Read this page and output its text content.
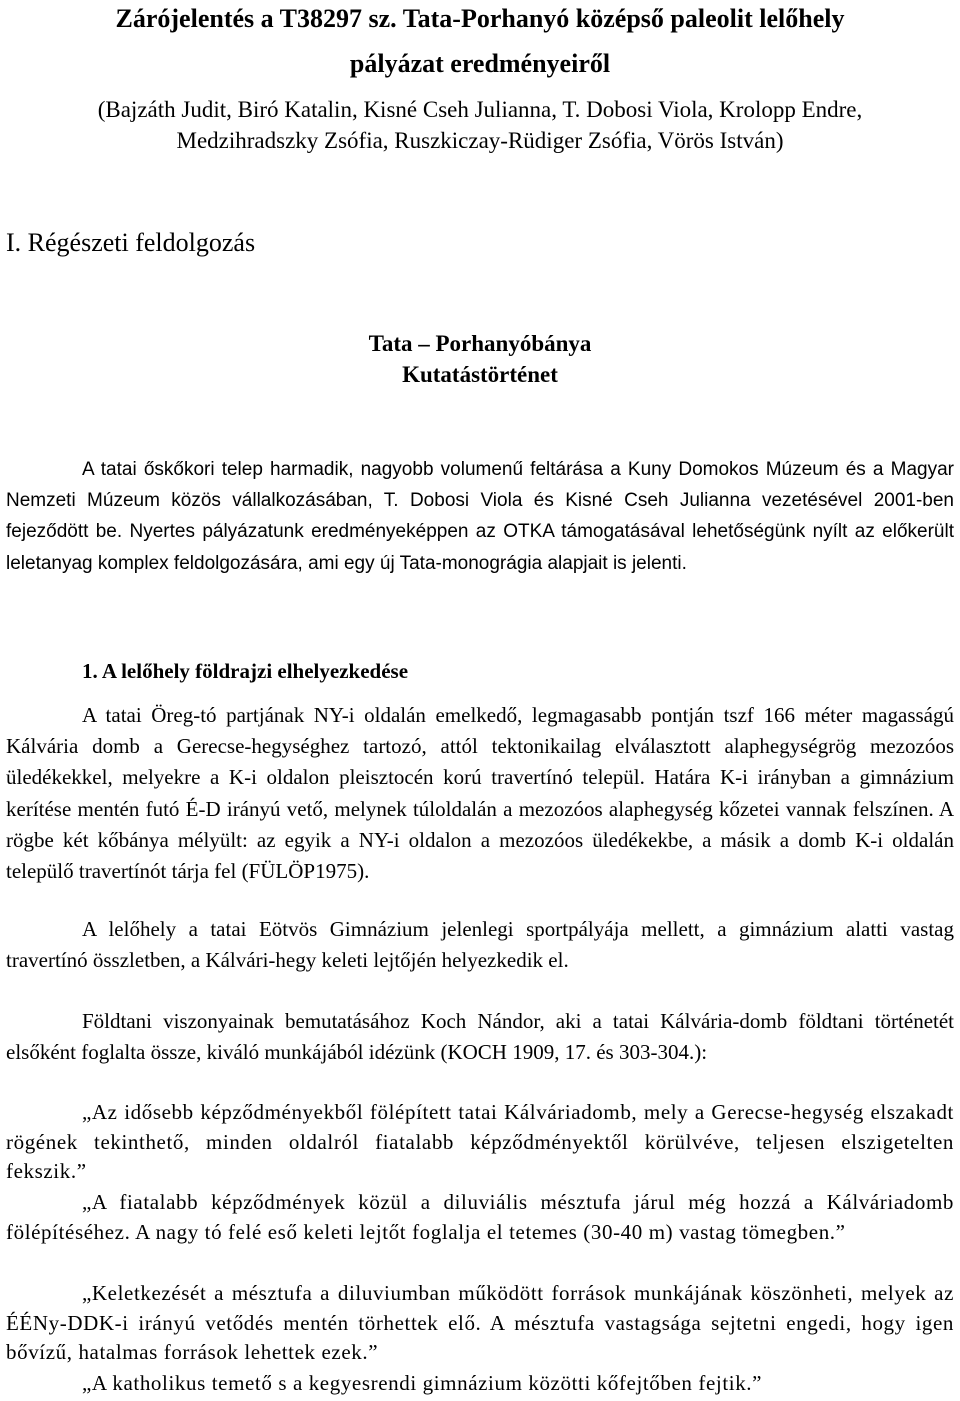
Zárójelentés a T38297 sz. Tata-Porhanyó középső paleolit lelőhely
pályázat eredményeiről
(Bajzáth Judit, Biró Katalin, Kisné Cseh Julianna, T. Dobosi Viola, Krolopp Endre,
Medzihradszky Zsófia, Ruszkiczay-Rüdiger Zsófia, Vörös István)
I. Régészeti feldolgozás
Tata – Porhanyóbánya
Kutatástörténet

A tatai őskőkori telep harmadik, nagyobb volumenű feltárása a Kuny Domokos Múzeum és a Magyar Nemzeti Múzeum közös vállalkozásában, T. Dobosi Viola és Kisné Cseh Julianna vezetésével 2001-ben fejeződött be. Nyertes pályázatunk eredményeképpen az OTKA támogatásával lehetőségünk nyílt az előkerült leletanyag komplex feldolgozására, ami egy új Tata-monográgia alapjait is jelenti.

1. A lelőhely földrajzi elhelyezkedése

A tatai Öreg-tó partjának NY-i oldalán emelkedő, legmagasabb pontján tszf 166 méter magasságú Kálvária domb a Gerecse-hegységhez tartozó, attól tektonikailag elválasztott alaphegységrög mezozóos üledékekkel, melyekre a K-i oldalon pleisztocén korú travertínó települ. Határa K-i irányban a gimnázium kerítése mentén futó É-D irányú vető, melynek túloldalán a mezozóos alaphegység kőzetei vannak felszínen. A rögbe két kőbánya mélyült: az egyik a NY-i oldalon a mezozóos üledékekbe, a másik a domb K-i oldalán települő travertínót tárja fel (FÜLÖP1975).

A lelőhely a tatai Eötvös Gimnázium jelenlegi sportpályája mellett, a gimnázium alatti vastag travertínó összletben, a Kálvári-hegy keleti lejtőjén helyezkedik el.

Földtani viszonyainak bemutatásához Koch Nándor, aki a tatai Kálvária-domb földtani történetét elsőként foglalta össze, kiváló munkájából idézünk (KOCH 1909, 17. és 303-304.):

„Az idősebb képződményekből fölépített tatai Kálváriadomb, mely a Gerecse-hegység elszakadt rögének tekinthető, minden oldalról fiatalabb képződményektől körülvéve, teljesen elszigetelten fekszik.”

„A fiatalabb képződmények közül a diluviális mésztufa járul még hozzá a Kálváriadomb fölépítéséhez. A nagy tó felé eső keleti lejtőt foglalja el tetemes (30-40 m) vastag tömegben.”

„Keletkezését a mésztufa a diluviumban működött források munkájának köszönheti, melyek az ÉÉNy-DDK-i irányú vetődés mentén törhettek elő. A mésztufa vastagsága sejtetni engedi, hogy igen bővízű, hatalmas források lehettek ezek.”

„A katholikus temető s a kegyesrendi gimnázium közötti kőfejtőben fejtik.”
